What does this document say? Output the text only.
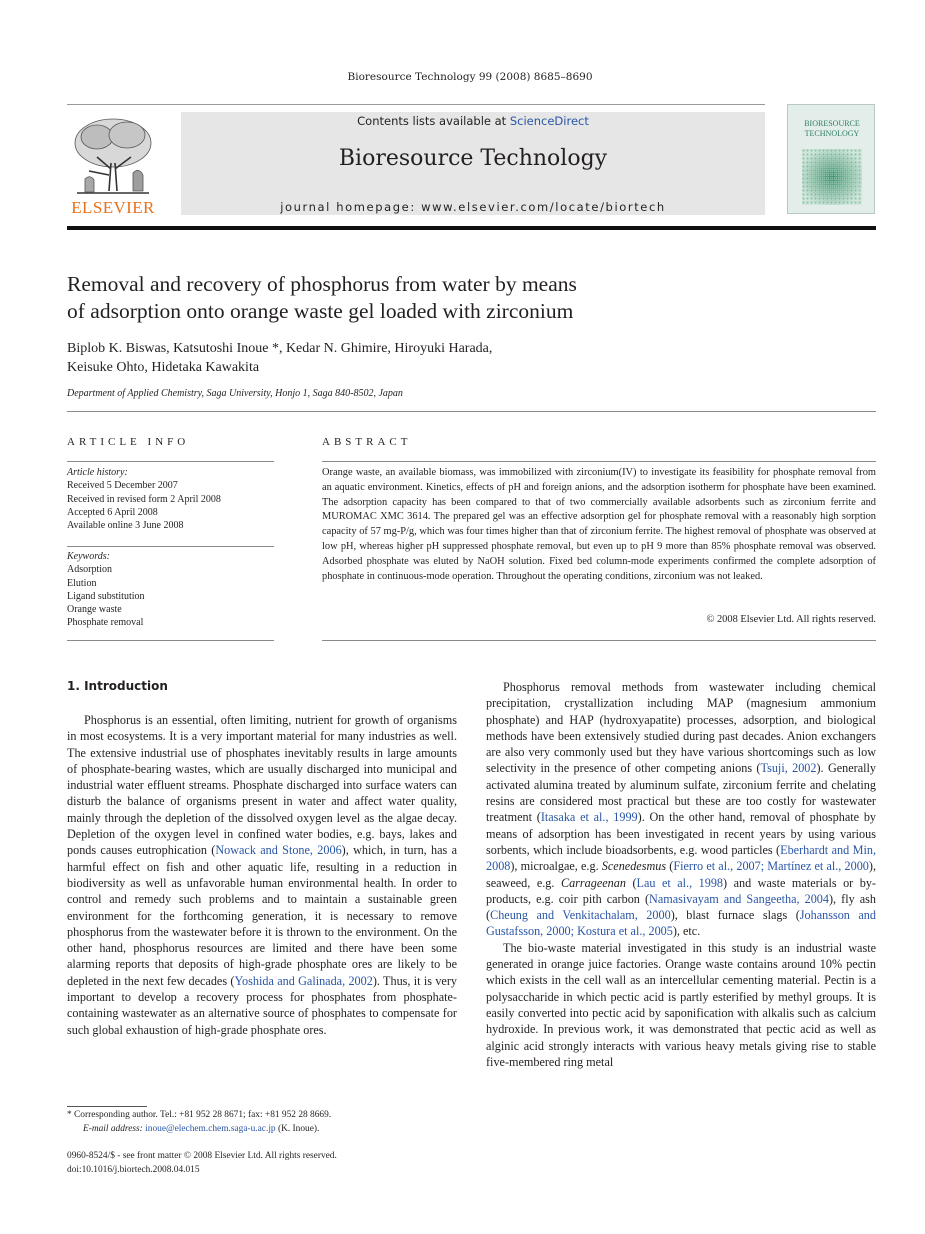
Bioresource Technology 99 (2008) 8685–8690
ELSEVIER
Contents lists available at ScienceDirect
Bioresource Technology
journal homepage: www.elsevier.com/locate/biortech
BIORESOURCE TECHNOLOGY
Removal and recovery of phosphorus from water by means
of adsorption onto orange waste gel loaded with zirconium
Biplob K. Biswas, Katsutoshi Inoue *, Kedar N. Ghimire, Hiroyuki Harada,
Keisuke Ohto, Hidetaka Kawakita
Department of Applied Chemistry, Saga University, Honjo 1, Saga 840-8502, Japan
ARTICLE INFO
Article history:
Received 5 December 2007
Received in revised form 2 April 2008
Accepted 6 April 2008
Available online 3 June 2008
Keywords:
Adsorption
Elution
Ligand substitution
Orange waste
Phosphate removal
ABSTRACT
Orange waste, an available biomass, was immobilized with zirconium(IV) to investigate its feasibility for phosphate removal from an aquatic environment. Kinetics, effects of pH and foreign anions, and the adsorption isotherm for phosphate have been examined. The adsorption capacity has been compared to that of two commercially available adsorbents such as zirconium ferrite and MUROMAC XMC 3614. The prepared gel was an effective adsorption gel for phosphate removal with a reasonably high sorption capacity of 57 mg-P/g, which was four times higher than that of zirconium ferrite. The highest removal of phosphate was observed at low pH, whereas higher pH suppressed phosphate removal, but even up to pH 9 more than 85% phosphate removal was observed. Adsorbed phosphate was eluted by NaOH solution. Fixed bed column-mode experiments confirmed the complete adsorption of phosphate in continuous-mode operation. Throughout the operating conditions, zirconium was not leaked.
© 2008 Elsevier Ltd. All rights reserved.
1. Introduction

Phosphorus is an essential, often limiting, nutrient for growth of organisms in most ecosystems. It is a very important material for many industries as well. The extensive industrial use of phosphates inevitably results in large amounts of phosphate-bearing wastes, which are usually discharged into municipal and industrial water effluent streams. Phosphate discharged into surface waters can disturb the balance of organisms present in water and affect water quality, mainly through the depletion of the dissolved oxygen level as the algae decay. Depletion of the oxygen level in confined water bodies, e.g. bays, lakes and ponds causes eutrophication (Nowack and Stone, 2006), which, in turn, has a harmful effect on fish and other aquatic life, resulting in a reduction in biodiversity as well as unfavorable human environmental health. In order to control and remedy such problems and to maintain a sustainable green environment for the forthcoming generation, it is necessary to remove phosphorus from the wastewater before it is thrown to the environment. On the other hand, phosphorus resources are limited and there have been some alarming reports that deposits of high-grade phosphate ores are likely to be depleted in the next few decades (Yoshida and Galinada, 2002). Thus, it is very important to develop a recovery process for phosphates from phosphate-containing wastewater as an alternative source of phosphates to compensate for such global exhaustion of high-grade phosphate ores.

Phosphorus removal methods from wastewater including chemical precipitation, crystallization including MAP (magnesium ammonium phosphate) and HAP (hydroxyapatite) processes, adsorption, and biological methods have been extensively studied during past decades. Anion exchangers are also very commonly used but they have various shortcomings such as low selectivity in the presence of other competing anions (Tsuji, 2002). Generally activated alumina treated by aluminum sulfate, zirconium ferrite and chelating resins are considered most practical but these are too costly for wastewater treatment (Itasaka et al., 1999). On the other hand, removal of phosphate by means of adsorption has been investigated in recent years by using various sorbents, which include bioadsorbents, e.g. wood particles (Eberhardt and Min, 2008), microalgae, e.g. Scenedesmus (Fierro et al., 2007; Martínez et al., 2000), seaweed, e.g. Carrageenan (Lau et al., 1998) and waste materials or by-products, e.g. coir pith carbon (Namasivayam and Sangeetha, 2004), fly ash (Cheung and Venkitachalam, 2000), blast furnace slags (Johansson and Gustafsson, 2000; Kostura et al., 2005), etc.

The bio-waste material investigated in this study is an industrial waste generated in orange juice factories. Orange waste contains around 10% pectin which exists in the cell wall as an intercellular cementing material. Pectin is a polysaccharide in which pectic acid is partly esterified by methyl groups. It is easily converted into pectic acid by saponification with alkalis such as calcium hydroxide. In previous work, it was demonstrated that pectic acid as well as alginic acid strongly interacts with various heavy metals giving rise to stable five-membered ring metal

* Corresponding author. Tel.: +81 952 28 8671; fax: +81 952 28 8669.
E-mail address: inoue@elechem.chem.saga-u.ac.jp (K. Inoue).
0960-8524/$ - see front matter © 2008 Elsevier Ltd. All rights reserved.
doi:10.1016/j.biortech.2008.04.015
